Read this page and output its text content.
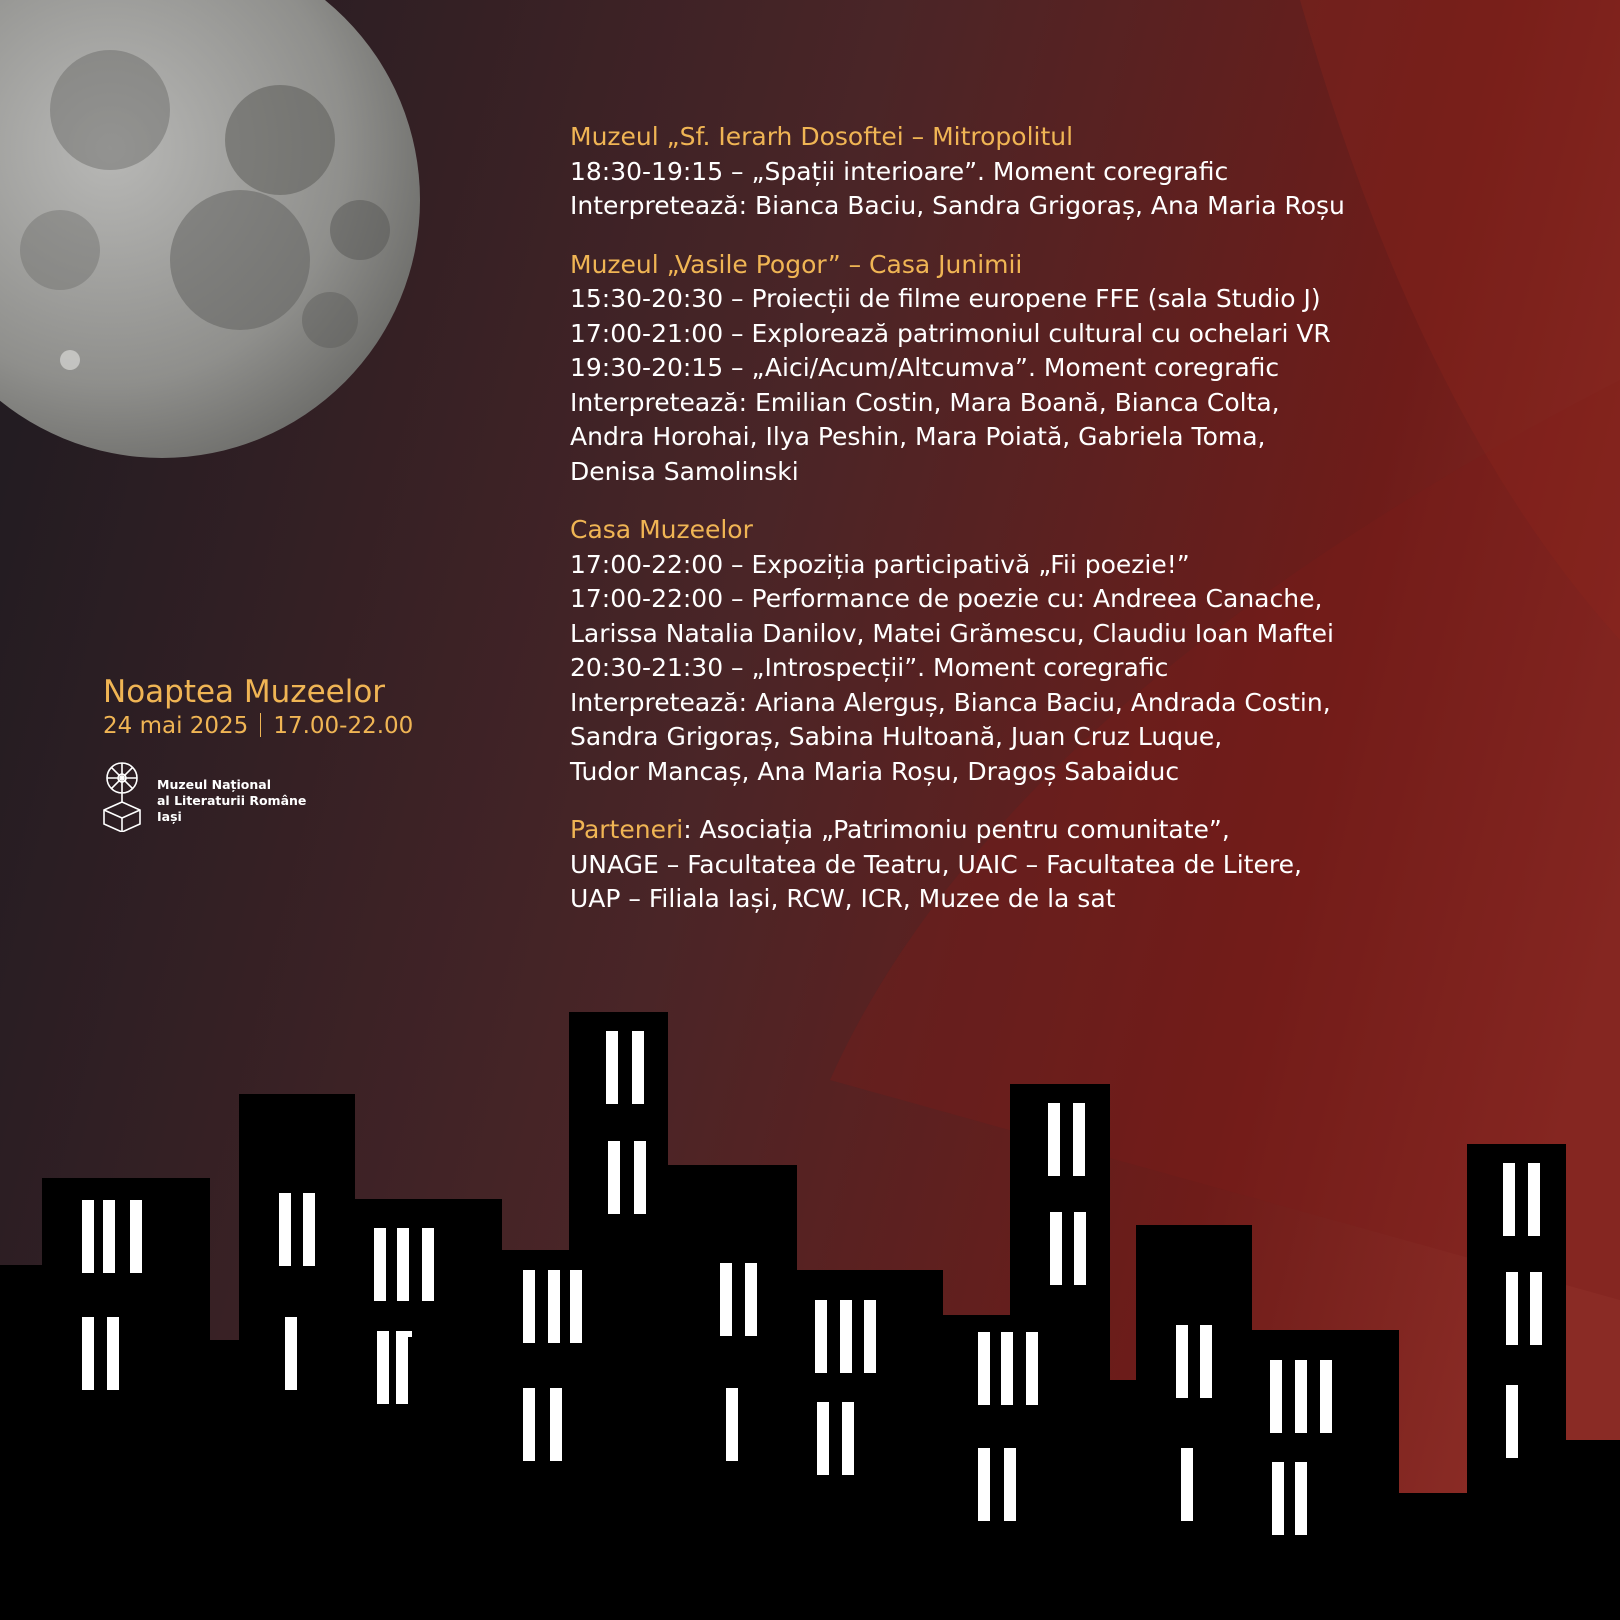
Muzeul „Sf. Ierarh Dosoftei – Mitropolitul
18:30-19:15 – „Spații interioare”. Moment coregrafic
Interpretează: Bianca Baciu, Sandra Grigoraș, Ana Maria Roșu
Muzeul „Vasile Pogor” – Casa Junimii
15:30-20:30 – Proiecții de filme europene FFE (sala Studio J)
17:00-21:00 – Explorează patrimoniul cultural cu ochelari VR
19:30-20:15 – „Aici/Acum/Altcumva”. Moment coregrafic
Interpretează: Emilian Costin, Mara Boană, Bianca Colta,
Andra Horohai, Ilya Peshin, Mara Poiată, Gabriela Toma,
Denisa Samolinski
Casa Muzeelor
17:00-22:00 – Expoziția participativă „Fii poezie!”
17:00-22:00 – Performance de poezie cu: Andreea Canache,
Larissa Natalia Danilov, Matei Grămescu, Claudiu Ioan Maftei
20:30-21:30 – „Introspecții”. Moment coregrafic
Interpretează: Ariana Alerguș, Bianca Baciu, Andrada Costin,
Sandra Grigoraș, Sabina Hultoană, Juan Cruz Luque,
Tudor Mancaș, Ana Maria Roșu, Dragoș Sabaiduc
Parteneri: Asociația „Patrimoniu pentru comunitate”,
UNAGE – Facultatea de Teatru, UAIC – Facultatea de Litere,
UAP – Filiala Iași, RCW, ICR, Muzee de la sat
Noaptea Muzeelor
24 mai 2025 17.00-22.00
Muzeul Național
al Literaturii Române
Iași
